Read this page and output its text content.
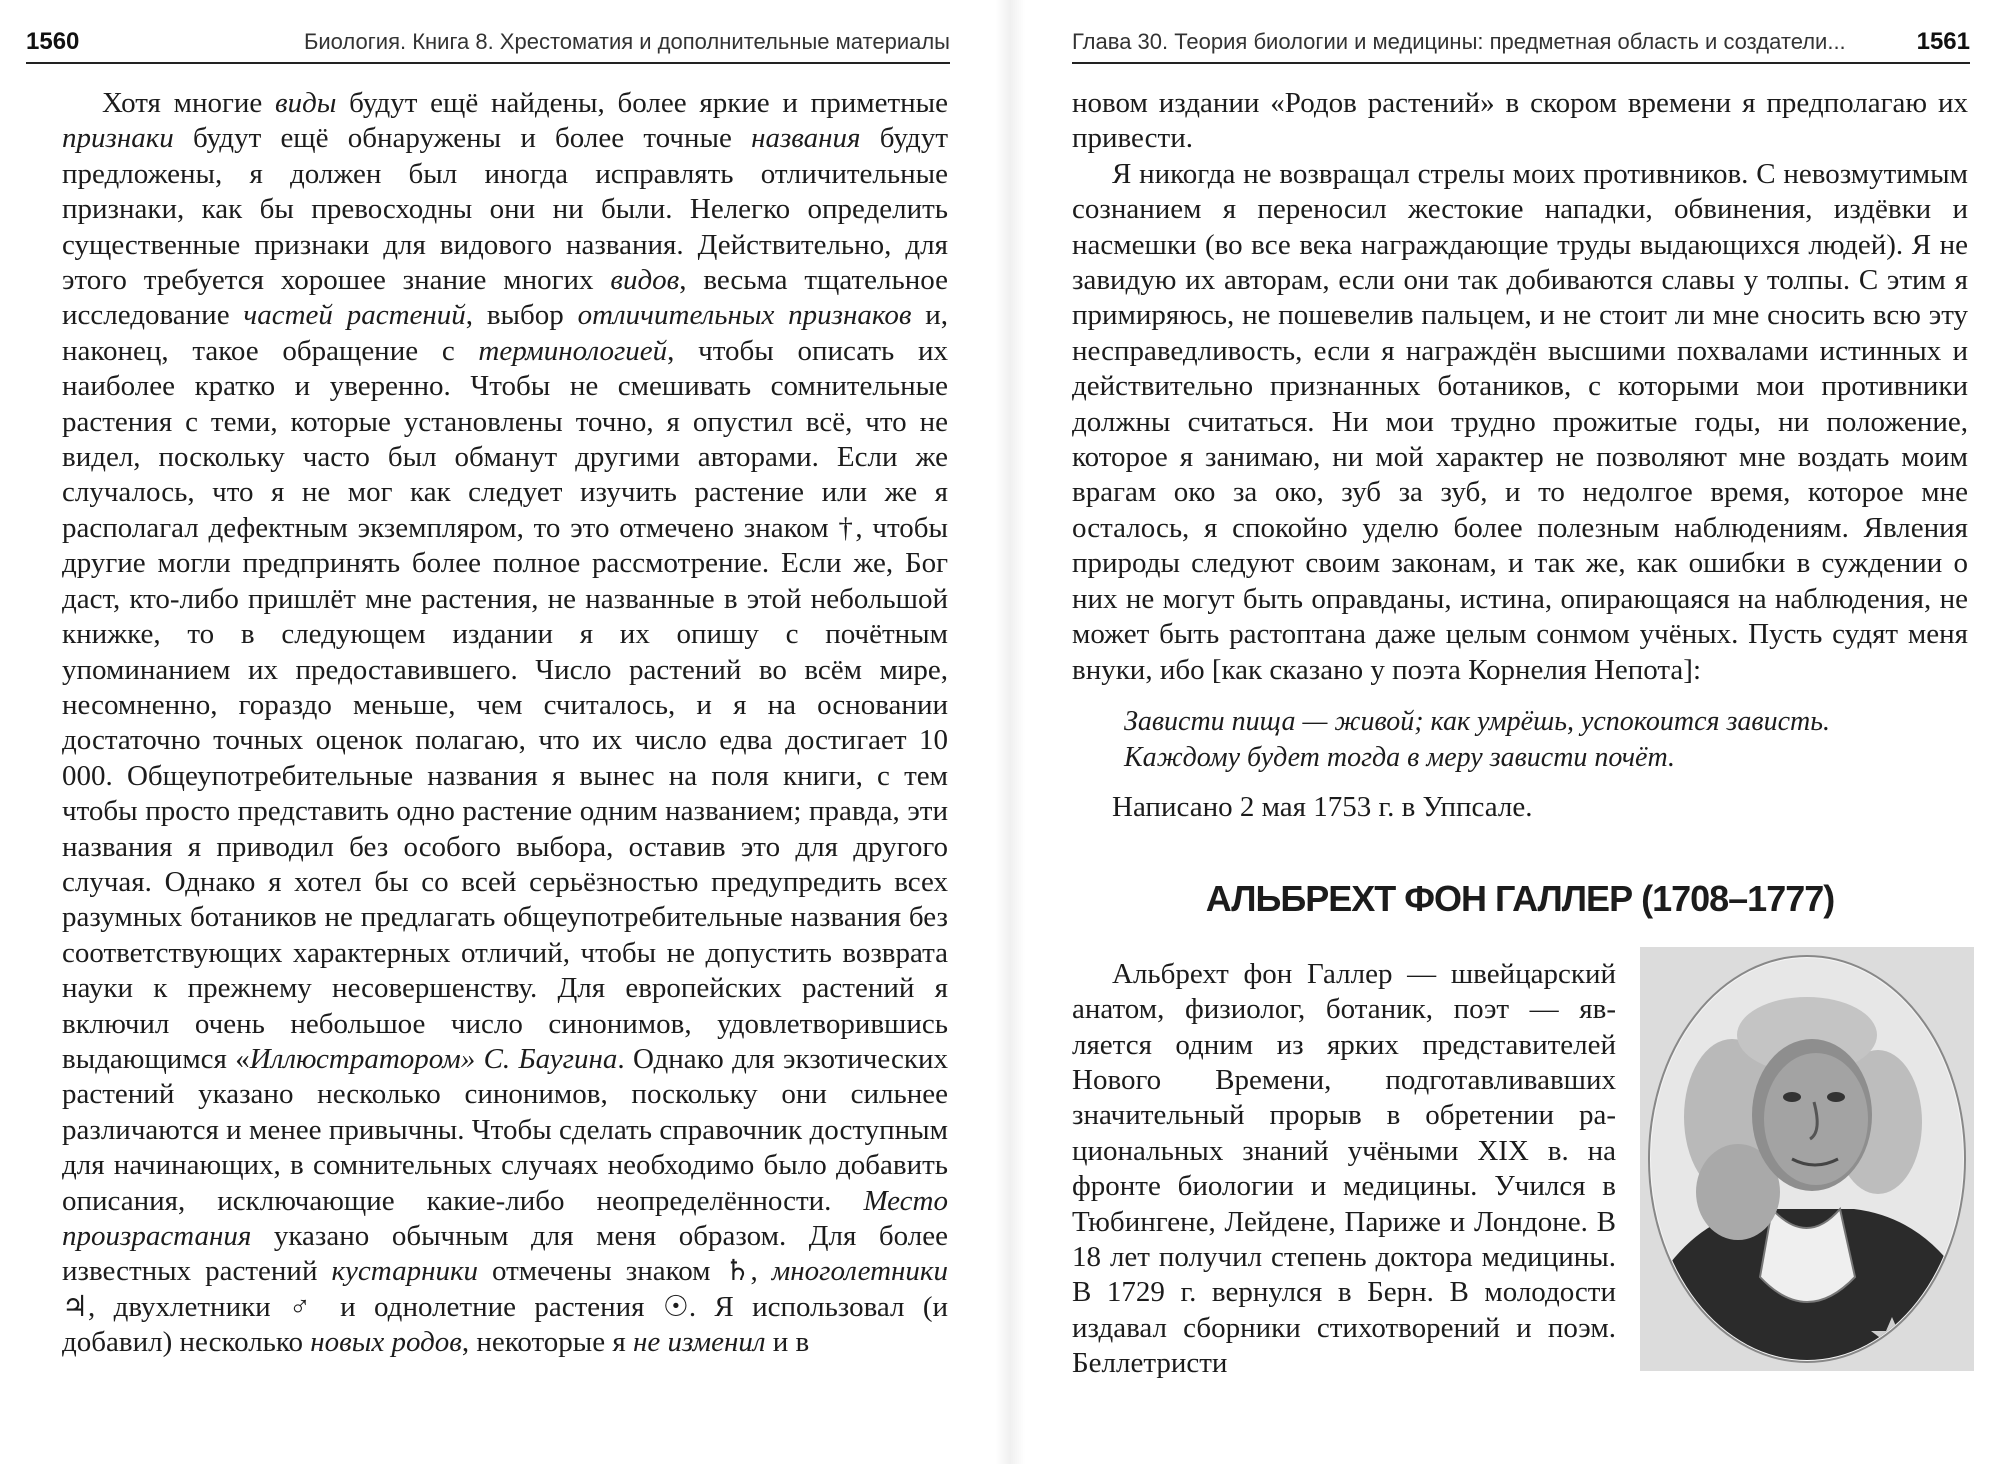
1560	Биология. Книга 8. Хрестоматия и дополнительные материалы

Хотя многие виды будут ещё найдены, более яркие и приметные признаки будут ещё обнаружены и более точные названия будут предложены, я должен был иногда исправлять отличительные признаки, как бы превосходны они ни были. Нелегко определить существенные признаки для видового названия. Действительно, для этого требуется хорошее знание многих видов, весьма тщательное исследование частей растений, выбор отличительных признаков и, наконец, такое обращение с терминологией, чтобы описать их наиболее кратко и уверенно. Чтобы не смешивать сомнительные растения с теми, которые установлены точно, я опустил всё, что не видел, поскольку часто был обманут другими авторами. Если же случалось, что я не мог как следует изучить растение или же я располагал дефектным экземпляром, то это отмечено знаком †, чтобы другие могли предпринять более полное рассмотрение. Если же, Бог даст, кто-либо пришлёт мне растения, не названные в этой небольшой книжке, то в следующем издании я их опишу с почётным упоминанием их предоставившего. Число растений во всём мире, несомненно, гораздо меньше, чем считалось, и я на основании достаточно точных оценок полагаю, что их число едва достигает 10 000. Общеупотребительные названия я вынес на поля книги, с тем чтобы просто представить одно растение одним названием; правда, эти названия я приводил без особого выбора, оставив это для другого случая. Однако я хотел бы со всей серьёзностью предупредить всех разумных ботаников не предлагать общеупотребительные названия без соответствующих характерных отличий, чтобы не допустить возврата науки к прежнему несовершенству. Для европейских растений я включил очень небольшое число синонимов, удовлетворившись выдающимся «Иллюстратором» С. Баугина. Однако для экзотических растений указано несколько синонимов, поскольку они сильнее различаются и менее привычны. Чтобы сделать справочник доступным для начинающих, в сомнительных случаях необходимо было добавить описания, исключающие какие-либо неопределённости. Место произрастания указано обычным для меня образом. Для более известных растений кустарники отмечены знаком ♄, многолетники ♃, двухлетники ♂ и однолетние растения ☉. Я использовал (и добавил) несколько новых родов, некоторые я не изменил и в

Глава 30. Теория биологии и медицины: предметная область и создатели...	1561

новом издании «Родов растений» в скором времени я предполагаю их привести.

Я никогда не возвращал стрелы моих противников. С невозмутимым сознанием я переносил жестокие нападки, обвинения, издёвки и насмешки (во все века награждающие труды выдающихся людей). Я не завидую их авторам, если они так добиваются славы у толпы. С этим я примиряюсь, не пошевелив пальцем, и не стоит ли мне сносить всю эту несправедливость, если я награждён высшими похвалами истинных и действительно признанных ботаников, с которыми мои противники должны считаться. Ни мои трудно прожитые годы, ни положение, которое я занимаю, ни мой характер не позволяют мне воздать моим врагам око за око, зуб за зуб, и то недолгое время, которое мне осталось, я спокойно уделю более полезным наблюдениям. Явления природы следуют своим законам, и так же, как ошибки в суждении о них не могут быть оправданы, истина, опирающаяся на наблюдения, не может быть растоптана даже целым сонмом учёных. Пусть судят меня внуки, ибо [как сказано у поэта Корнелия Непота]:

Зависти пища — живой; как умрёшь, успокоится зависть.
Каждому будет тогда в меру зависти почёт.

Написано 2 мая 1753 г. в Уппсале.

АЛЬБРЕХТ ФОН ГАЛЛЕР (1708–1777)

Альбрехт фон Галлер — швейцарский анатом, физиолог, ботаник, поэт — является одним из ярких представителей Нового Времени, подготавливавших значительный прорыв в обретении рациональных знаний учёными XIX в. на фронте биологии и медицины. Учился в Тюбингене, Лейдене, Париже и Лондоне. В 18 лет получил степень доктора медицины. В 1729 г. вернулся в Берн. В молодости издавал сборники стихотворений и поэм. Беллетристи
